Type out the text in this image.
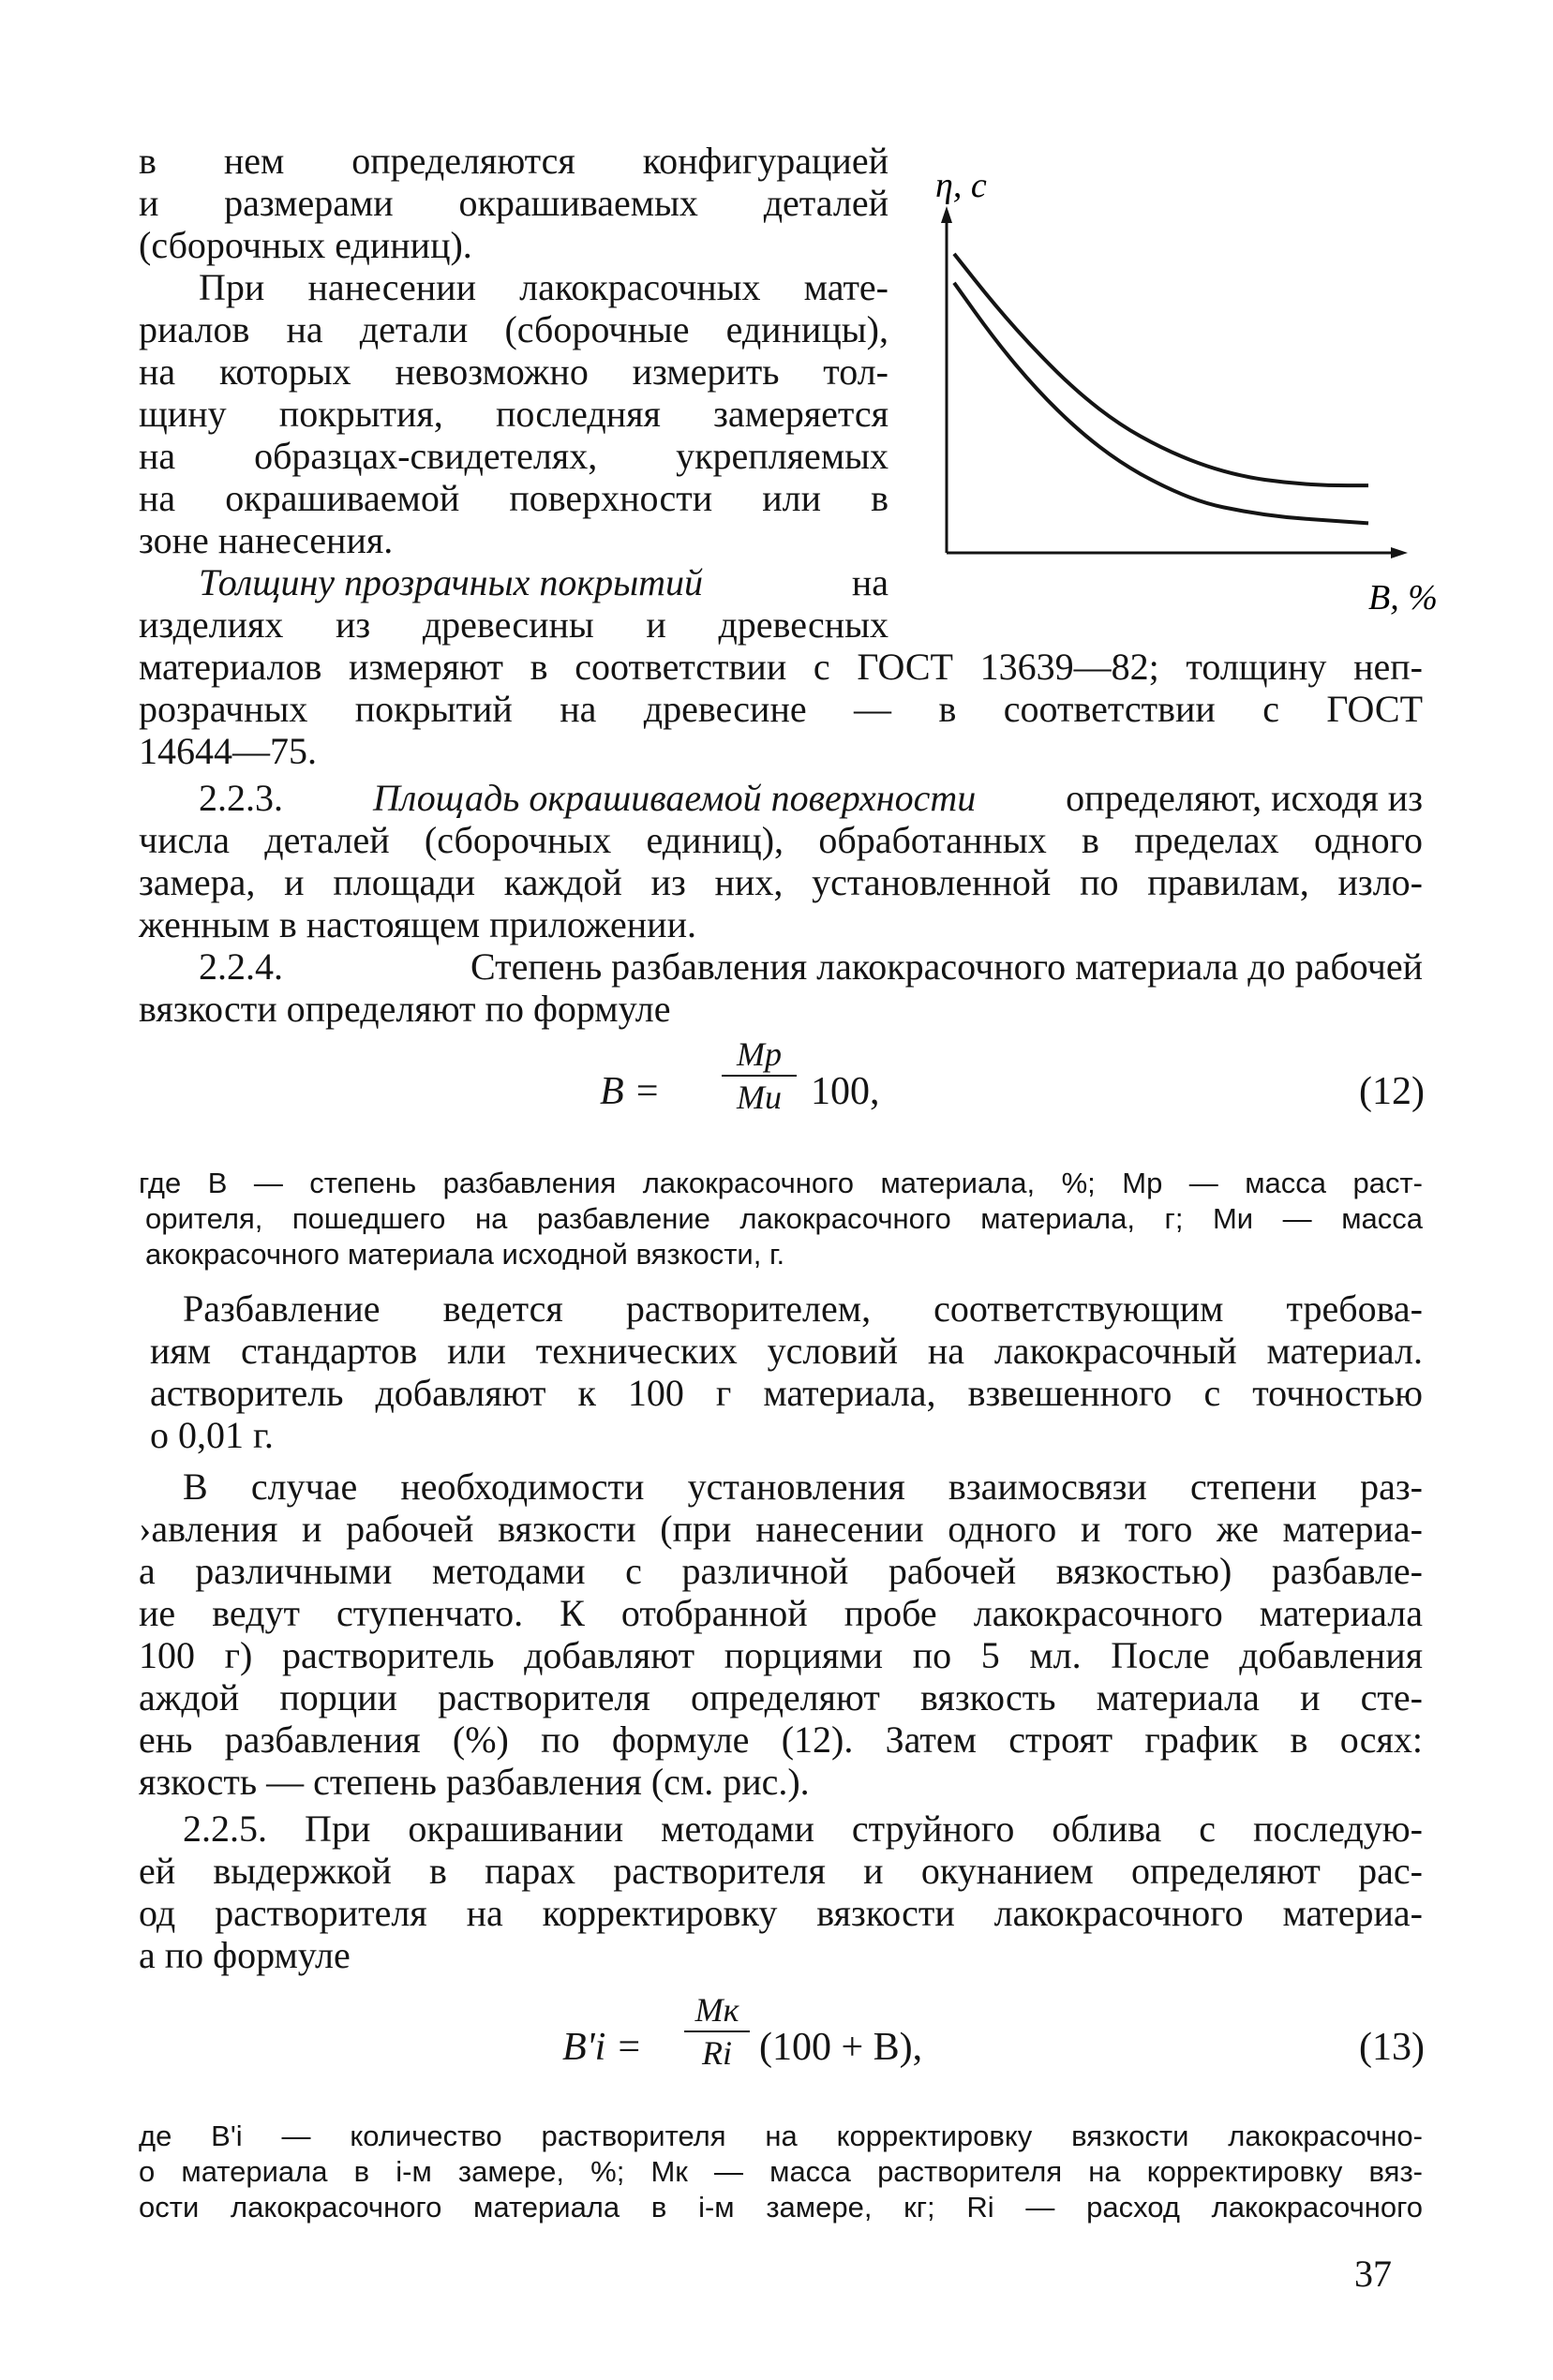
в нем определяются конфигурацией
и размерами окрашиваемых деталей
(сборочных единиц).
При нанесении лакокрасочных мате-
риалов на детали (сборочные единицы),
на которых невозможно измерить тол-
щину покрытия, последняя замеряется
на образцах-свидетелях, укрепляемых
на окрашиваемой поверхности или в
зоне нанесения.
Толщину прозрачных покрытий	на
изделиях из древесины и древесных
материалов измеряют в соответствии с ГОСТ 13639—82; толщину неп-
розрачных покрытий на древесине — в соответствии с ГОСТ
14644—75.
η, c
B, %
2.2.3. Площадь окрашиваемой поверхности определяют, исходя из
числа деталей (сборочных единиц), обработанных в пределах одного
замера, и площади каждой из них, установленной по правилам, изло-
женным в настоящем приложении.
2.2.4.	Степень разбавления лакокрасочного материала до рабочей
вязкости определяют по формуле
B =
Mp
Mи 100,	(12)
где B — степень разбавления лакокрасочного материала, %; Mp — масса раст-
орителя, пошедшего на разбавление лакокрасочного материала, г; Mи — масса
акокрасочного материала исходной вязкости, г.
Разбавление ведется растворителем, соответствующим требова-
иям стандартов или технических условий на лакокрасочный материал.
астворитель добавляют к 100 г материала, взвешенного с точностью
о 0,01 г.
В случае необходимости установления взаимосвязи степени раз-
›авления и рабочей вязкости (при нанесении одного и того же материа-
а различными методами с различной рабочей вязкостью) разбавле-
ие ведут ступенчато. К отобранной пробе лакокрасочного материала
100 г) растворитель добавляют порциями по 5 мл. После добавления
аждой порции растворителя определяют вязкость материала и сте-
ень разбавления (%) по формуле (12). Затем строят график в осях:
язкость — степень разбавления (см. рис.).
2.2.5. При окрашивании методами струйного облива с последую-
ей выдержкой в парах растворителя и окунанием определяют рас-
од растворителя на корректировку вязкости лакокрасочного материа-
а по формуле
B'i =
Mк
Ri (100 + B),	(13)
де B'i — количество растворителя на корректировку вязкости лакокрасочно-
о материала в i-м замере, %; Mк — масса растворителя на корректировку вяз-
ости лакокрасочного материала в i-м замере, кг; Ri — расход лакокрасочного
37
